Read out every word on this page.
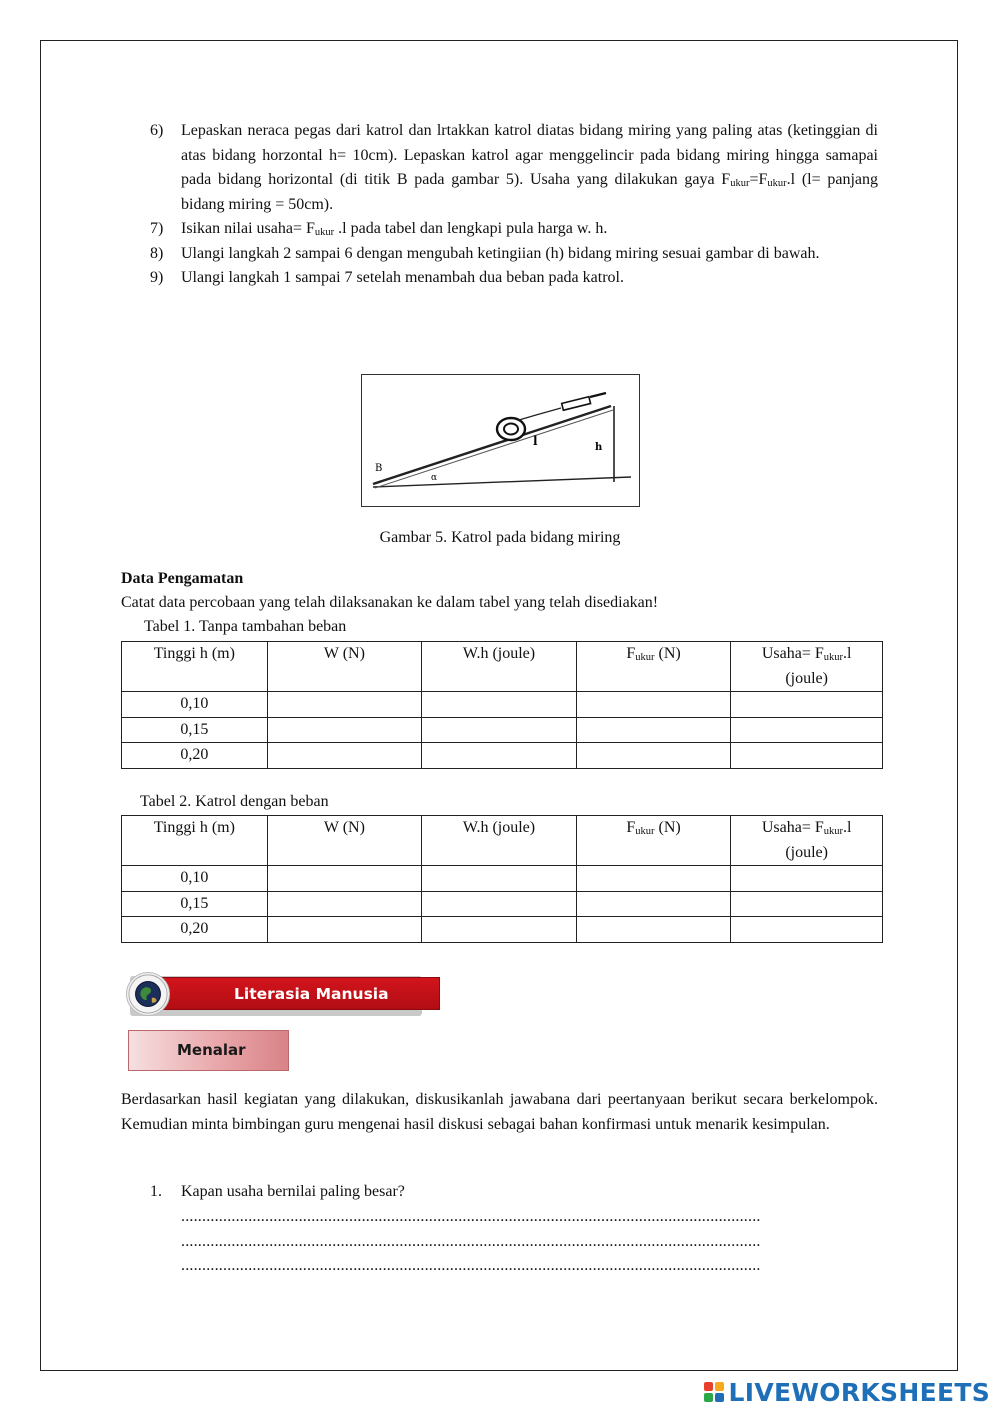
6)	Lepaskan neraca pegas dari katrol dan lrtakkan katrol diatas bidang miring yang paling atas (ketinggian di atas bidang horzontal h= 10cm). Lepaskan katrol agar menggelincir pada bidang miring hingga samapai pada bidang horizontal (di titik B pada gambar 5). Usaha yang dilakukan gaya $F_{ukur}=F_{ukur}.l$ (l= panjang bidang miring = 50cm).
7)	Isikan nilai usaha= $F_{ukur}$ .l pada tabel dan lengkapi pula harga w. h.
8)	Ulangi langkah 2 sampai 6 dengan mengubah ketingiian (h) bidang miring sesuai gambar di bawah.
9)	Ulangi langkah 1 sampai 7 setelah menambah dua beban pada katrol.
B
l	h
α
Gambar 5. Katrol pada bidang miring
Data Pengamatan
Catat data percobaan yang telah dilaksanakan ke dalam tabel yang telah disediakan!
Tabel 1. Tanpa tambahan beban
Tinggi h (m)	W (N)	W.h (joule)	$F_{ukur}$ (N)	Usaha= $F_{ukur}.l$
(joule)
0,10				
0,15				
0,20				
Tabel 2. Katrol dengan beban
Tinggi h (m)	W (N)	W.h (joule)	$F_{ukur}$ (N)	Usaha= $F_{ukur}.l$
(joule)
0,10				
0,15				
0,20				
Literasia Manusia
Menalar
Berdasarkan hasil kegiatan yang dilakukan, diskusikanlah jawabana dari peertanyaan berikut secara berkelompok. Kemudian minta bimbingan guru mengenai hasil diskusi sebagai bahan konfirmasi untuk menarik kesimpulan.
1. Kapan usaha bernilai paling besar?
..........................................................................................................................................
..........................................................................................................................................
..........................................................................................................................................
LIVEWORKSHEETS
